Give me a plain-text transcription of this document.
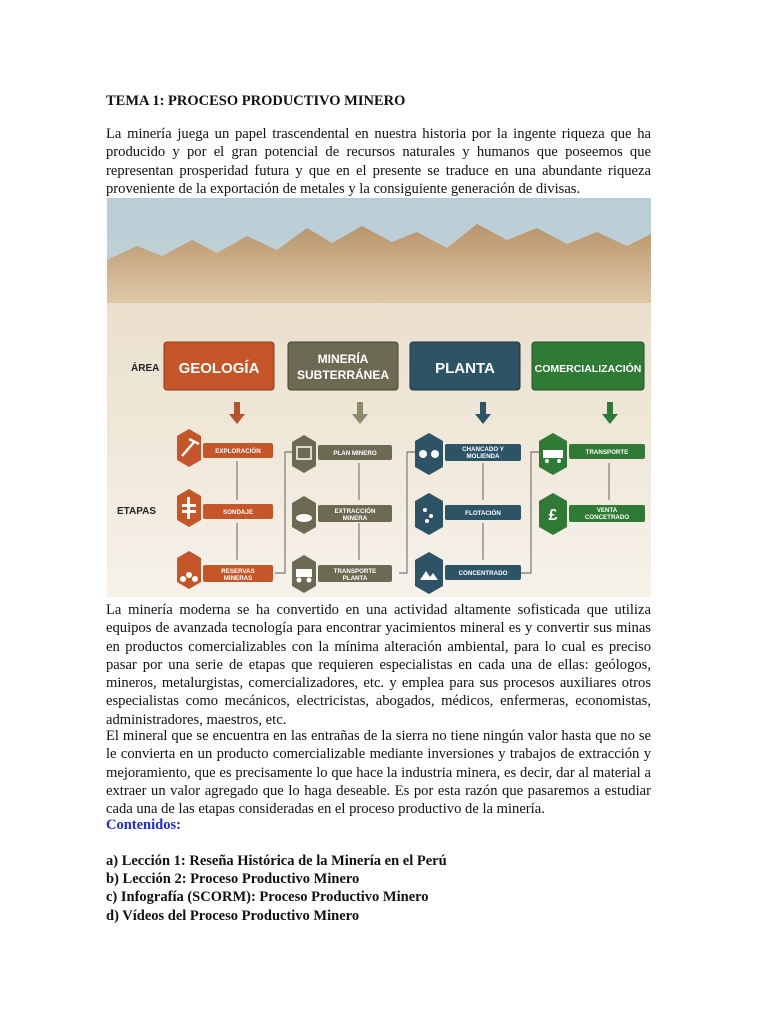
TEMA 1: PROCESO PRODUCTIVO MINERO

La minería juega un papel trascendental en nuestra historia por la ingente riqueza que ha producido y por el gran potencial de recursos naturales y humanos que poseemos que representan prosperidad futura y que en el presente se traduce en una abundante riqueza proveniente de la exportación de metales y la consiguiente generación de divisas.

ÁREA
ETAPAS
GEOLOGÍA
MINERÍA
SUBTERRÁNEA	PLANTA	COMERCIALIZACIÓN
EXPLORACIÓN
SONDAJE
RESERVAS
MINERAS
PLAN MINERO
EXTRACCIÓN
MINERA
TRANSPORTE
PLANTA
CHANCADO Y
MOLIENDA
FLOTACIÓN
CONCENTRADO
TRANSPORTE
£	VENTA
CONCETRADO

La minería moderna se ha convertido en una actividad altamente sofisticada que utiliza equipos de avanzada tecnología para encontrar yacimientos mineral es y convertir sus minas en productos comercializables con la mínima alteración ambiental, para lo cual es preciso pasar por una serie de etapas que requieren especialistas en cada una de ellas: geólogos, mineros, metalurgistas, comercializadores, etc. y emplea para sus procesos auxiliares otros especialistas como mecánicos, electricistas, abogados, médicos, enfermeras, economistas, administradores, maestros, etc.

El mineral que se encuentra en las entrañas de la sierra no tiene ningún valor hasta que no se le convierta en un producto comercializable mediante inversiones y trabajos de extracción y mejoramiento, que es precisamente lo que hace la industria minera, es decir, dar al material a extraer un valor agregado que lo haga deseable. Es por esta razón que pasaremos a estudiar cada una de las etapas consideradas en el proceso productivo de la minería.

Contenidos:
a) Lección 1: Reseña Histórica de la Minería en el Perú
b) Lección 2: Proceso Productivo Minero
c) Infografía (SCORM): Proceso Productivo Minero
d) Vídeos del Proceso Productivo Minero
